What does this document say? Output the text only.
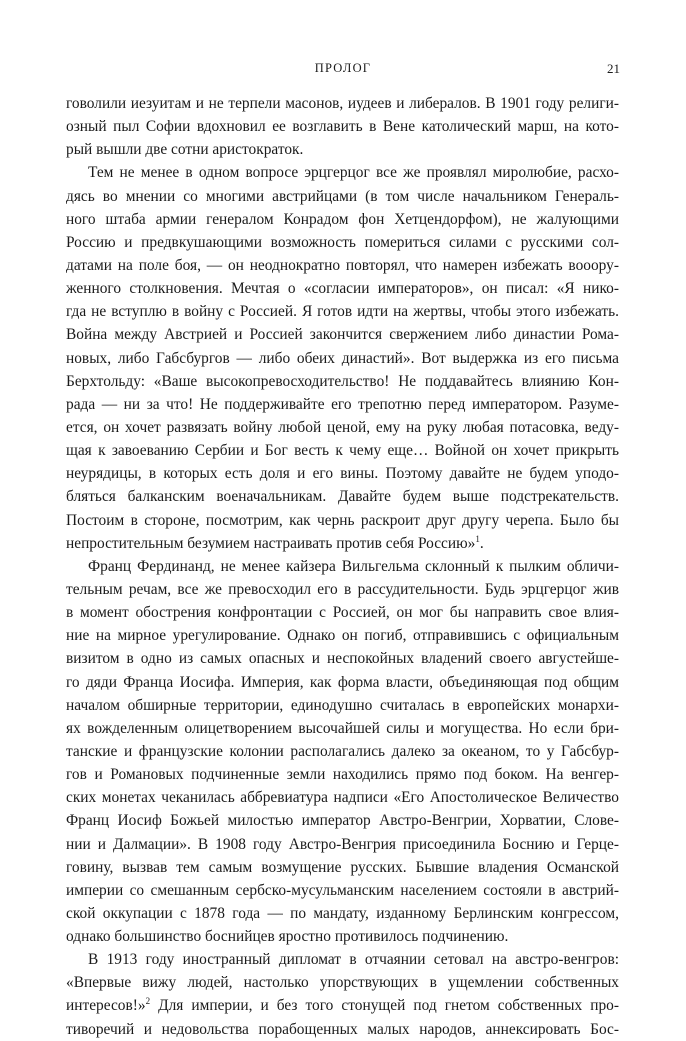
ПРОЛОГ	21
говолили иезуитам и не терпели масонов, иудеев и либералов. В 1901 году религи-
озный пыл Софии вдохновил ее возглавить в Вене католический марш, на кото-
рый вышли две сотни аристократок.
Тем не менее в одном вопросе эрцгерцог все же проявлял миролюбие, расхо-
дясь во мнении со многими австрийцами (в том числе начальником Генераль-
ного штаба армии генералом Конрадом фон Хетцендорфом), не жалующими
Россию и предвкушающими возможность помериться силами с русскими сол-
датами на поле боя, — он неоднократно повторял, что намерен избежать вооору-
женного столкновения. Мечтая о «согласии императоров», он писал: «Я нико-
гда не вступлю в войну с Россией. Я готов идти на жертвы, чтобы этого избежать.
Война между Австрией и Россией закончится свержением либо династии Рома-
новых, либо Габсбургов — либо обеих династий». Вот выдержка из его письма
Берхтольду: «Ваше высокопревосходительство! Не поддавайтесь влиянию Кон-
рада — ни за что! Не поддерживайте его трепотню перед императором. Разуме-
ется, он хочет развязать войну любой ценой, ему на руку любая потасовка, веду-
щая к завоеванию Сербии и Бог весть к чему еще… Войной он хочет прикрыть
неурядицы, в которых есть доля и его вины. Поэтому давайте не будем уподо-
бляться балканским военачальникам. Давайте будем выше подстрекательств.
Постоим в стороне, посмотрим, как чернь раскроит друг другу черепа. Было бы
непростительным безумием настраивать против себя Россию»$^1$.
Франц Фердинанд, не менее кайзера Вильгельма склонный к пылким обличи-
тельным речам, все же превосходил его в рассудительности. Будь эрцгерцог жив
в момент обострения конфронтации с Россией, он мог бы направить свое влия-
ние на мирное урегулирование. Однако он погиб, отправившись с официальным
визитом в одно из самых опасных и неспокойных владений своего августейше-
го дяди Франца Иосифа. Империя, как форма власти, объединяющая под общим
началом обширные территории, единодушно считалась в европейских монархи-
ях вожделенным олицетворением высочайшей силы и могущества. Но если бри-
танские и французские колонии располагались далеко за океаном, то у Габсбур-
гов и Романовых подчиненные земли находились прямо под боком. На венгер-
ских монетах чеканилась аббревиатура надписи «Его Апостолическое Величество
Франц Иосиф Божьей милостью император Австро-Венгрии, Хорватии, Слове-
нии и Далмации». В 1908 году Австро-Венгрия присоединила Боснию и Герце-
говину, вызвав тем самым возмущение русских. Бывшие владения Османской
империи со смешанным сербско-мусульманским населением состояли в австрий-
ской оккупации с 1878 года — по мандату, изданному Берлинским конгрессом,
однако большинство боснийцев яростно противилось подчинению.
В 1913 году иностранный дипломат в отчаянии сетовал на австро-венгров:
«Впервые вижу людей, настолько упорствующих в ущемлении собственных
интересов!»$^2$ Для империи, и без того стонущей под гнетом собственных про-
тиворечий и недовольства порабощенных малых народов, аннексировать Бос-
